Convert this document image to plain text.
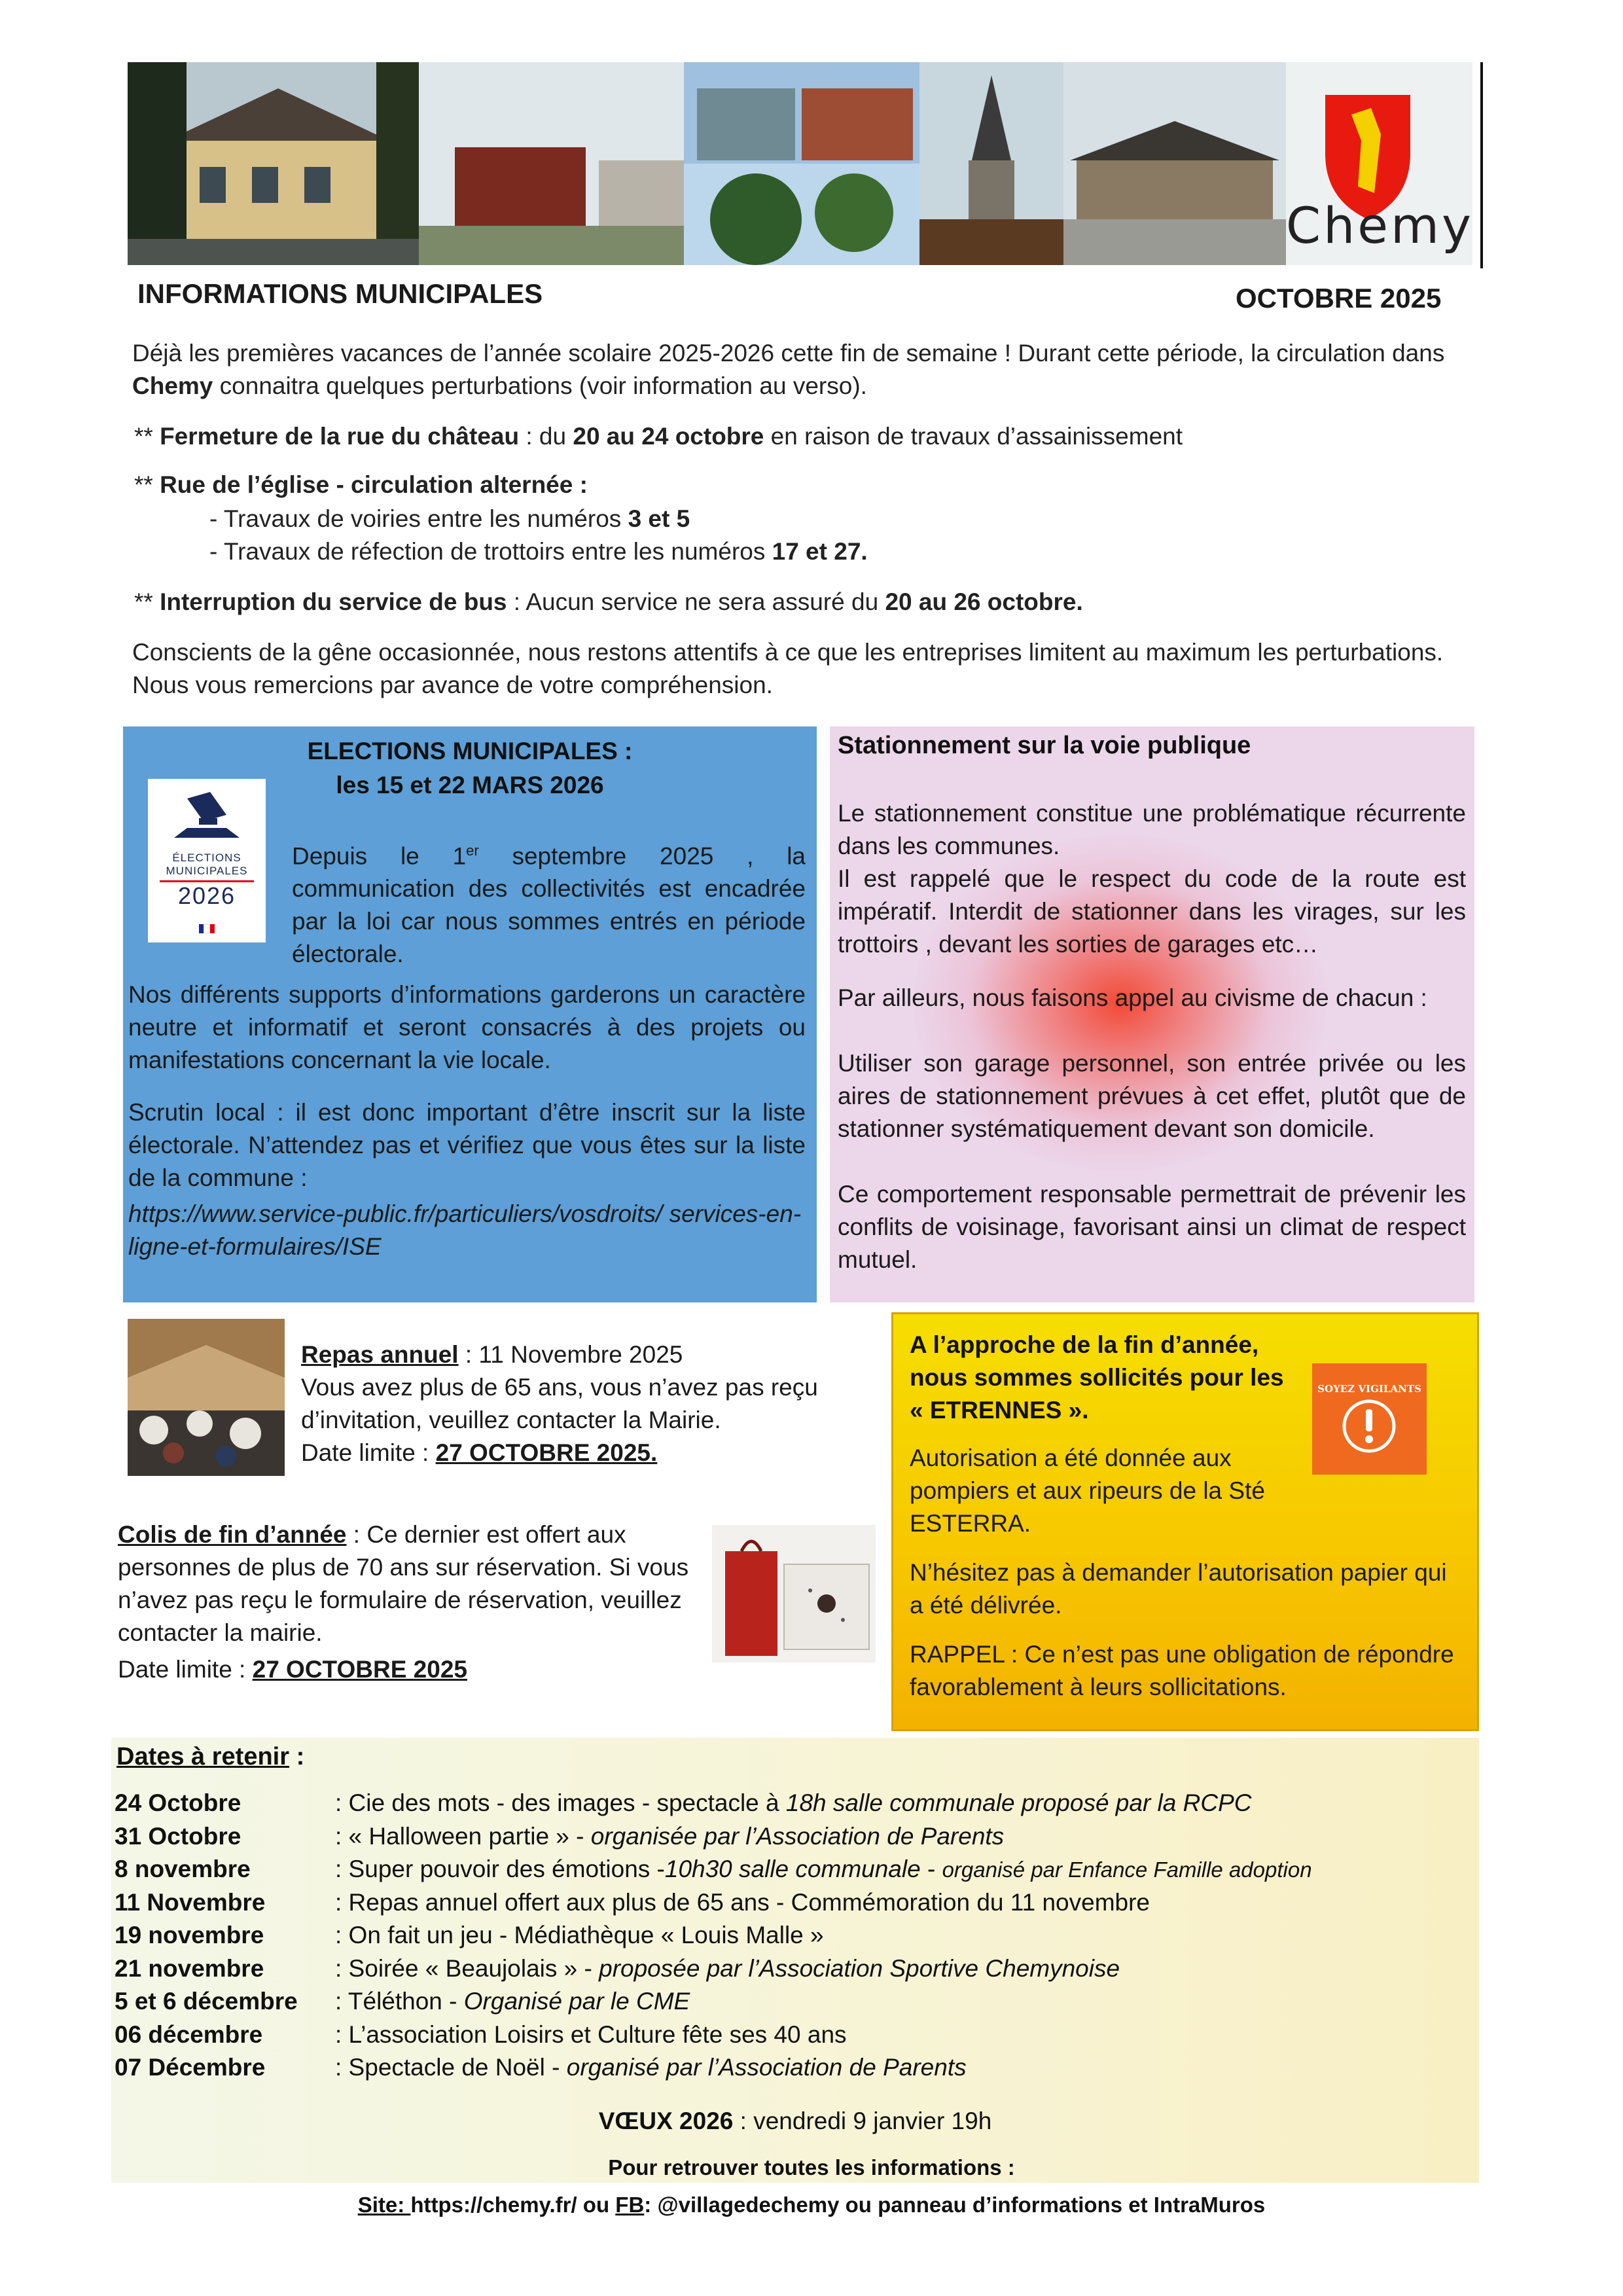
Chemy
INFORMATIONS MUNICIPALES	OCTOBRE 2025
Déjà les premières vacances de l’année scolaire 2025-2026 cette fin de semaine ! Durant cette période, la circulation dans Chemy connaitra quelques perturbations (voir information au verso).
** Fermeture de la rue du château : du 20 au 24 octobre en raison de travaux d’assainissement
** Rue de l’église - circulation alternée :
- Travaux de voiries entre les numéros 3 et 5
- Travaux de réfection de trottoirs entre les numéros 17 et 27.
** Interruption du service de bus : Aucun service ne sera assuré du 20 au 26 octobre.
Conscients de la gêne occasionnée, nous restons attentifs à ce que les entreprises limitent au maximum les perturbations. Nous vous remercions par avance de votre compréhension.
ELECTIONS MUNICIPALES :
les 15 et 22 MARS 2026
ÉLECTIONS
MUNICIPALES
2026
Depuis le 1er septembre 2025 , la communication des collectivités est encadrée par la loi car nous sommes entrés en période électorale.
Nos différents supports d’informations garderons un caractère neutre et informatif et seront consacrés à des projets ou manifestations concernant la vie locale.
Scrutin local : il est donc important d’être inscrit sur la liste électorale. N’attendez pas et vérifiez que vous êtes sur la liste de la commune :
https://www.service-public.fr/particuliers/vosdroits/ services-en-ligne-et-formulaires/ISE
Stationnement sur la voie publique
Le stationnement constitue une problématique récurrente dans les communes.
Il est rappelé que le respect du code de la route est impératif. Interdit de stationner dans les virages, sur les trottoirs , devant les sorties de garages etc…
Par ailleurs, nous faisons appel au civisme de chacun :
Utiliser son garage personnel, son entrée privée ou les aires de stationnement prévues à cet effet, plutôt que de stationner systématiquement devant son domicile.
Ce comportement responsable permettrait de prévenir les conflits de voisinage, favorisant ainsi un climat de respect mutuel.
Repas annuel : 11 Novembre 2025
Vous avez plus de 65 ans, vous n’avez pas reçu d’invitation, veuillez contacter la Mairie.
Date limite : 27 OCTOBRE 2025.
Colis de fin d’année : Ce dernier est offert aux personnes de plus de 70 ans sur réservation. Si vous n’avez pas reçu le formulaire de réservation, veuillez contacter la mairie.
Date limite : 27 OCTOBRE 2025
A l’approche de la fin d’année,
nous sommes sollicités pour les
« ETRENNES ».
SOYEZ VIGILANTS
Autorisation a été donnée aux pompiers et aux ripeurs de la Sté ESTERRA.
N’hésitez pas à demander l’autorisation papier qui a été délivrée.
RAPPEL : Ce n’est pas une obligation de répondre favorablement à leurs sollicitations.
Dates à retenir :
24 Octobre	: Cie des mots - des images - spectacle à 18h salle communale proposé par la RCPC
31 Octobre	: « Halloween partie » - organisée par l’Association de Parents
8 novembre	: Super pouvoir des émotions -10h30 salle communale - organisé par Enfance Famille adoption
11 Novembre	: Repas annuel offert aux plus de 65 ans - Commémoration du 11 novembre
19 novembre	: On fait un jeu - Médiathèque « Louis Malle »
21 novembre	: Soirée « Beaujolais » - proposée par l’Association Sportive Chemynoise
5 et 6 décembre : Téléthon - Organisé par le CME
06 décembre	: L’association Loisirs et Culture fête ses 40 ans
07 Décembre	: Spectacle de Noël - organisé par l’Association de Parents
VŒUX 2026 : vendredi 9 janvier 19h
Pour retrouver toutes les informations :
Site: https://chemy.fr/ ou FB: @villagedechemy ou panneau d’informations et IntraMuros
